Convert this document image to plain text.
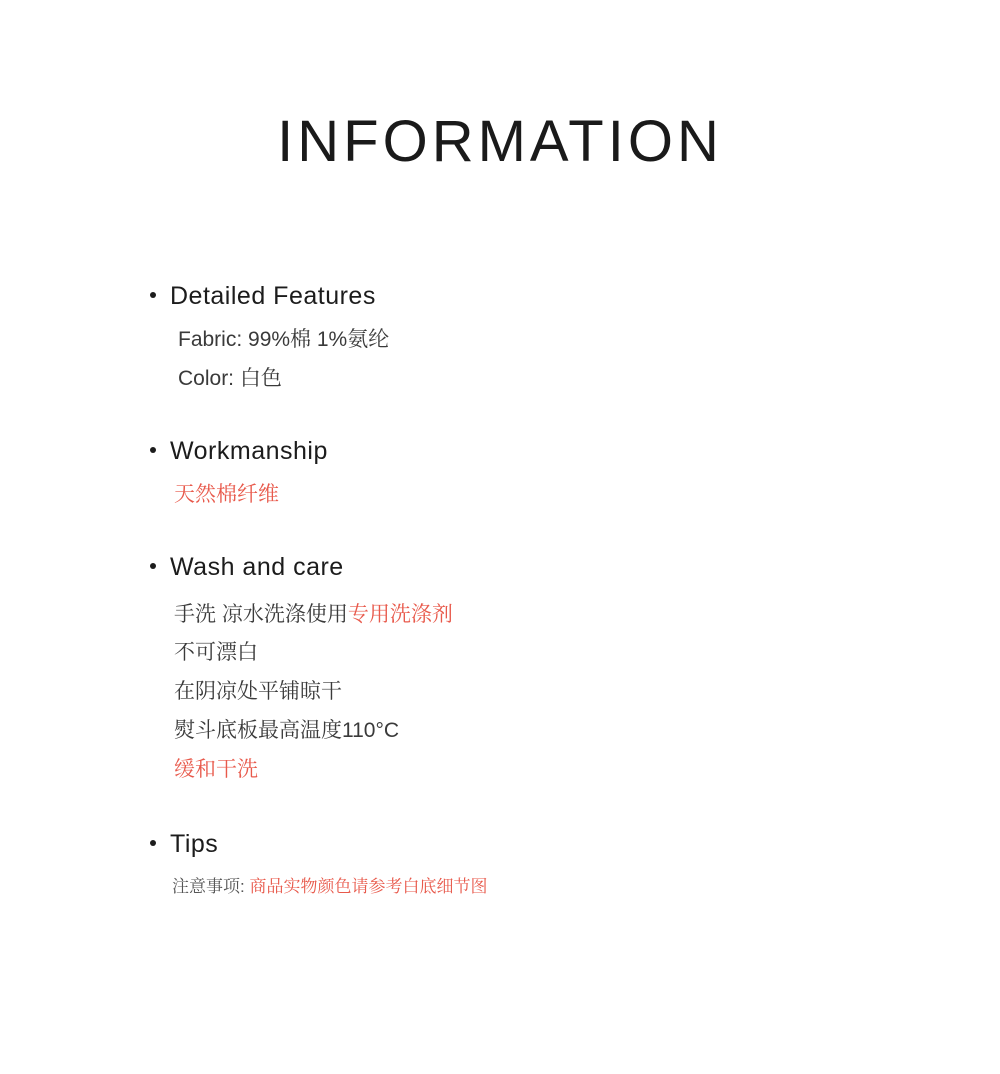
INFORMATION
Detailed Features
Fabric: 99%棉 1%氨纶
Color: 白色
Workmanship
天然棉纤维
Wash and care
手洗 凉水洗涤使用专用洗涤剂
不可漂白
在阴凉处平铺晾干
熨斗底板最高温度110°C
缓和干洗
Tips
注意事项: 商品实物颜色请参考白底细节图
